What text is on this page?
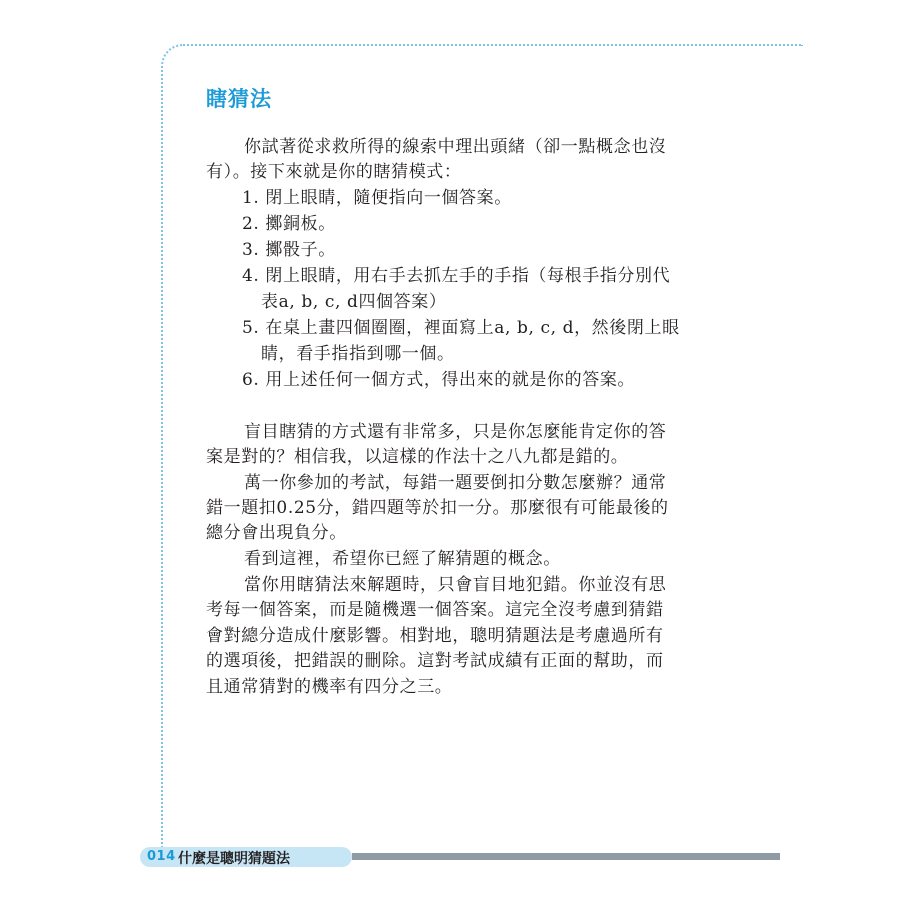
瞎猜法
你試著從求救所得的線索中理出頭緒（卻一點概念也沒
有）。接下來就是你的瞎猜模式：
1. 閉上眼睛，隨便指向一個答案。
2. 擲銅板。
3. 擲骰子。
4. 閉上眼睛，用右手去抓左手的手指（每根手指分別代
表a, b, c, d四個答案）
5. 在桌上畫四個圈圈，裡面寫上a, b, c, d，然後閉上眼
睛，看手指指到哪一個。
6. 用上述任何一個方式，得出來的就是你的答案。
盲目瞎猜的方式還有非常多，只是你怎麼能肯定你的答
案是對的？相信我，以這樣的作法十之八九都是錯的。
萬一你參加的考試，每錯一題要倒扣分數怎麼辦？通常
錯一題扣0.25分，錯四題等於扣一分。那麼很有可能最後的
總分會出現負分。
看到這裡，希望你已經了解猜題的概念。
當你用瞎猜法來解題時，只會盲目地犯錯。你並沒有思
考每一個答案，而是隨機選一個答案。這完全沒考慮到猜錯
會對總分造成什麼影響。相對地，聰明猜題法是考慮過所有
的選項後，把錯誤的刪除。這對考試成績有正面的幫助，而
且通常猜對的機率有四分之三。
014 什麼是聰明猜題法
